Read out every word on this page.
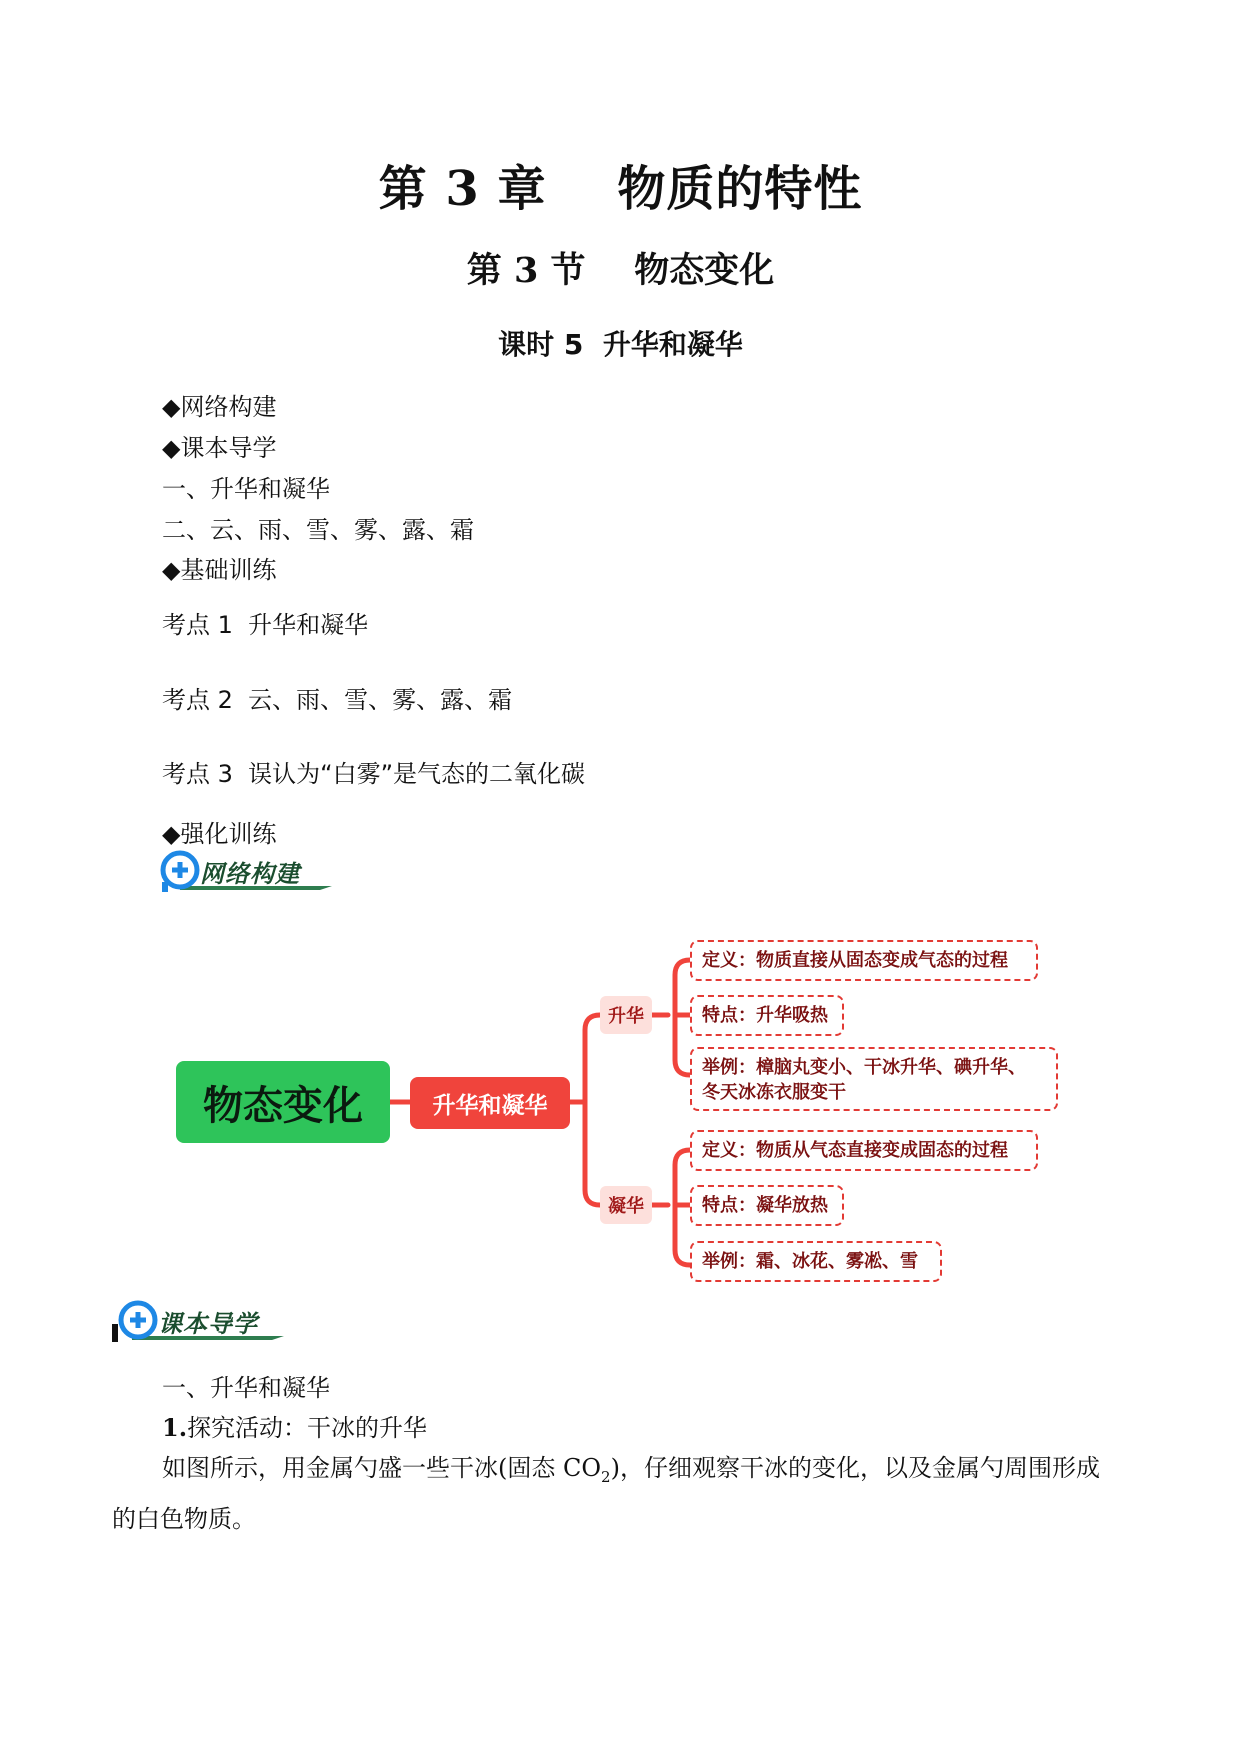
第 3 章    物质的特性
第 3 节    物态变化
课时 5  升华和凝华
◆网络构建
◆课本导学
一、升华和凝华
二、云、雨、雪、雾、露、霜
◆基础训练
考点 1  升华和凝华
考点 2  云、雨、雪、雾、露、霜
考点 3  误认为“白雾”是气态的二氧化碳
◆强化训练
网络构建
物态变化	升华和凝华
升华
凝华
定义：物质直接从固态变成气态的过程
特点：升华吸热
举例：樟脑丸变小、干冰升华、碘升华、
冬天冰冻衣服变干
定义：物质从气态直接变成固态的过程
特点：凝华放热
举例：霜、冰花、雾凇、雪
课本导学
一、升华和凝华
1.探究活动：干冰的升华
如图所示，用金属勺盛一些干冰(固态 $CO_2$)，仔细观察干冰的变化，以及金属勺周围形成的白色物质。
